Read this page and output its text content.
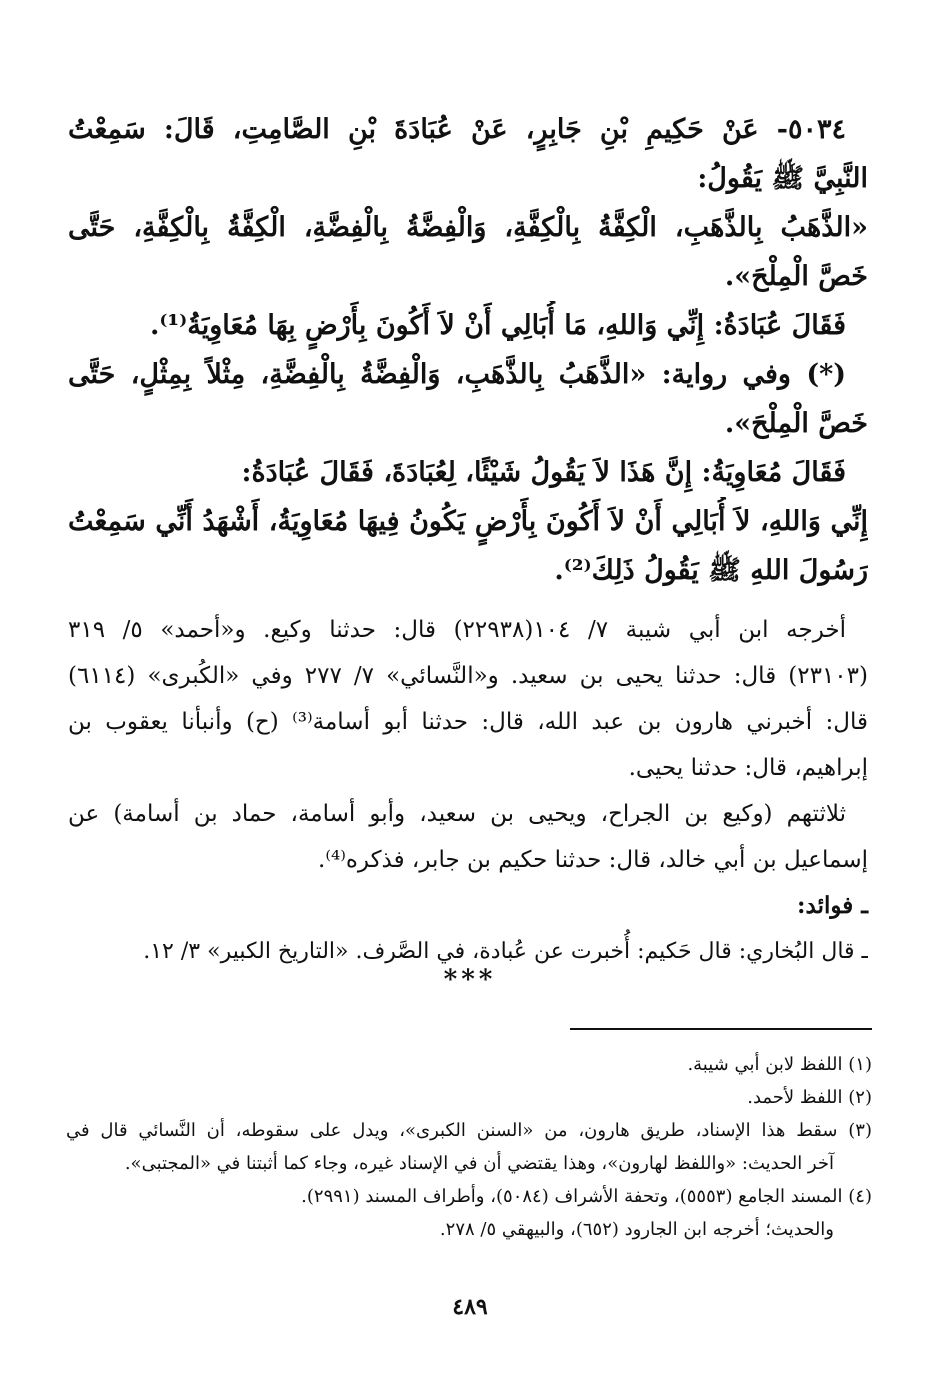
٥٠٣٤- عَنْ حَكِيمِ بْنِ جَابِرٍ، عَنْ عُبَادَةَ بْنِ الصَّامِتِ، قَالَ: سَمِعْتُ
النَّبِيَّ ﷺ يَقُولُ:
«الذَّهَبُ بِالذَّهَبِ، الْكِفَّةُ بِالْكِفَّةِ، وَالْفِضَّةُ بِالْفِضَّةِ، الْكِفَّةُ بِالْكِفَّةِ، حَتَّى
خَصَّ الْمِلْحَ».
فَقَالَ عُبَادَةُ: إِنِّي وَاللهِ، مَا أُبَالِي أَنْ لاَ أَكُونَ بِأَرْضٍ بِهَا مُعَاوِيَةُ⁽¹⁾.
(*) وفي رواية: «الذَّهَبُ بِالذَّهَبِ، وَالْفِضَّةُ بِالْفِضَّةِ، مِثْلاً بِمِثْلٍ، حَتَّى
خَصَّ الْمِلْحَ».
فَقَالَ مُعَاوِيَةُ: إِنَّ هَذَا لاَ يَقُولُ شَيْئًا، لِعُبَادَةَ، فَقَالَ عُبَادَةُ:
إِنِّي وَاللهِ، لاَ أُبَالِي أَنْ لاَ أَكُونَ بِأَرْضٍ يَكُونُ فِيهَا مُعَاوِيَةُ، أَشْهَدُ أَنِّي سَمِعْتُ
رَسُولَ اللهِ ﷺ يَقُولُ ذَلِكَ⁽²⁾.
أخرجه ابن أبي شيبة ٧/ ١٠٤(٢٢٩٣٨) قال: حدثنا وكيع. و«أحمد» ٥/ ٣١٩
(٢٣١٠٣) قال: حدثنا يحيى بن سعيد. و«النَّسائي» ٧/ ٢٧٧ وفي «الكُبرى» (٦١١٤)
قال: أخبرني هارون بن عبد الله، قال: حدثنا أبو أسامة⁽³⁾ (ح) وأنبأنا يعقوب بن
إبراهيم، قال: حدثنا يحيى.
ثلاثتهم (وكيع بن الجراح، ويحيى بن سعيد، وأبو أسامة، حماد بن أسامة) عن
إسماعيل بن أبي خالد، قال: حدثنا حكيم بن جابر، فذكره⁽⁴⁾.
ـ فوائد:
ـ قال البُخاري: قال حَكيم: أُخبرت عن عُبادة، في الصَّرف. «التاريخ الكبير» ٣/ ١٢.
***
(١) اللفظ لابن أبي شيبة.
(٢) اللفظ لأحمد.
(٣) سقط هذا الإسناد، طريق هارون، من «السنن الكبرى»، ويدل على سقوطه، أن النَّسائي قال في
آخر الحديث: «واللفظ لهارون»، وهذا يقتضي أن في الإسناد غيره، وجاء كما أثبتنا في «المجتبى».
(٤) المسند الجامع (٥٥٥٣)، وتحفة الأشراف (٥٠٨٤)، وأطراف المسند (٢٩٩١).
والحديث؛ أخرجه ابن الجارود (٦٥٢)، والبيهقي ٥/ ٢٧٨.
٤٨٩
